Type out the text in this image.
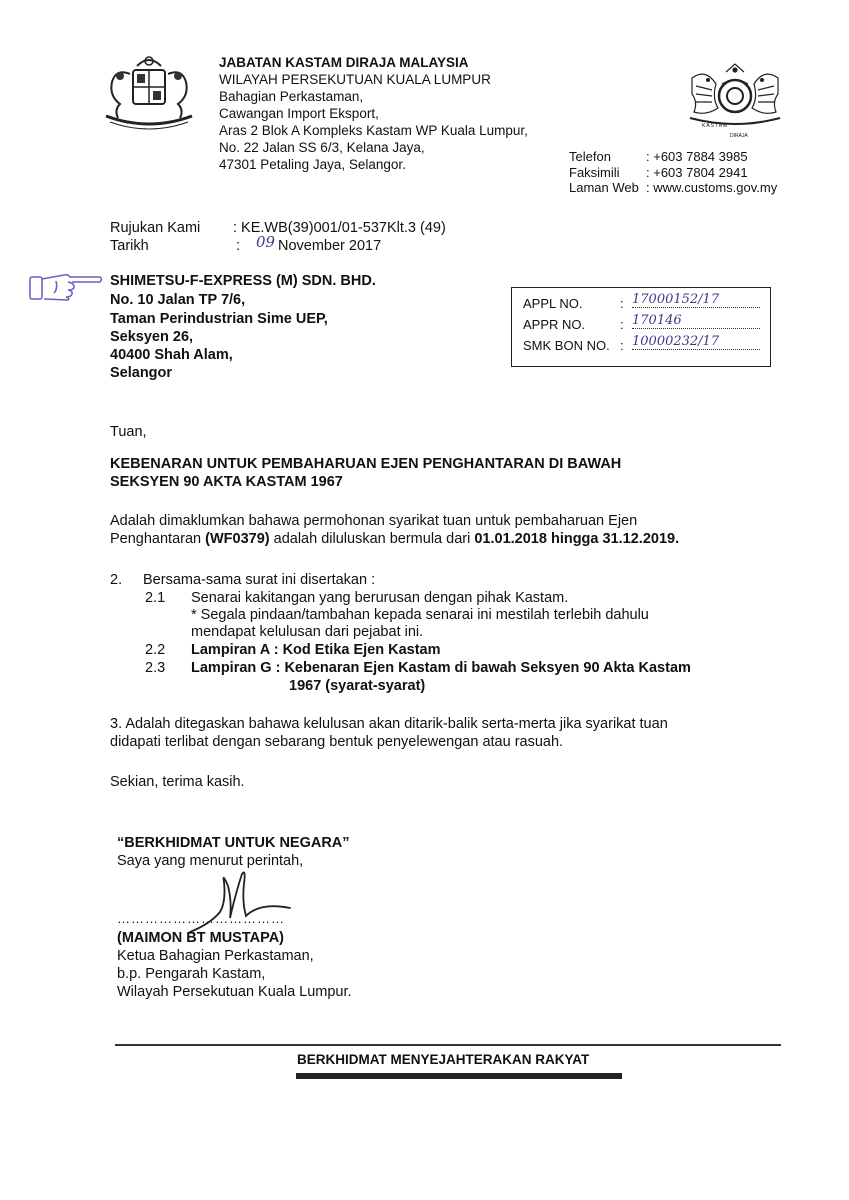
JABATAN KASTAM DIRAJA MALAYSIA
WILAYAH PERSEKUTUAN KUALA LUMPUR
Bahagian Perkastaman,
Cawangan Import Eksport,
Aras 2 Blok A Kompleks Kastam WP Kuala Lumpur,
No. 22 Jalan SS 6/3, Kelana Jaya,
47301 Petaling Jaya, Selangor.
KASTAM
DIRAJA
Telefon	: +603 7884 3985
Faksimili : +603 7804 2941
Laman Web : www.customs.gov.my
Rujukan Kami : KE.WB(39)001/01-537Klt.3 (49)
Tarikh	: 09 November 2017
SHIMETSU-F-EXPRESS (M) SDN. BHD.
No. 10 Jalan TP 7/6,
Taman Perindustrian Sime UEP,
Seksyen 26,
40400 Shah Alam,
Selangor
APPL NO.	: 17000152/17
APPR NO.	: 170146
SMK BON NO. : 10000232/17
Tuan,
KEBENARAN UNTUK PEMBAHARUAN EJEN PENGHANTARAN DI BAWAH
SEKSYEN 90 AKTA KASTAM 1967
Adalah dimaklumkan bahawa permohonan syarikat tuan untuk pembaharuan Ejen
Penghantaran (WF0379) adalah diluluskan bermula dari 01.01.2018 hingga 31.12.2019.
2. Bersama-sama surat ini disertakan :
2.1 Senarai kakitangan yang berurusan dengan pihak Kastam.
* Segala pindaan/tambahan kepada senarai ini mestilah terlebih dahulu
mendapat kelulusan dari pejabat ini.
2.2 Lampiran A : Kod Etika Ejen Kastam
2.3 Lampiran G : Kebenaran Ejen Kastam di bawah Seksyen 90 Akta Kastam
1967 (syarat-syarat)
3. Adalah ditegaskan bahawa kelulusan akan ditarik-balik serta-merta jika syarikat tuan
didapati terlibat dengan sebarang bentuk penyelewengan atau rasuah.
Sekian, terima kasih.
“BERKHIDMAT UNTUK NEGARA”
Saya yang menurut perintah,
………………………………
(MAIMON BT MUSTAPA)
Ketua Bahagian Perkastaman,
b.p. Pengarah Kastam,
Wilayah Persekutuan Kuala Lumpur.
BERKHIDMAT MENYEJAHTERAKAN RAKYAT
